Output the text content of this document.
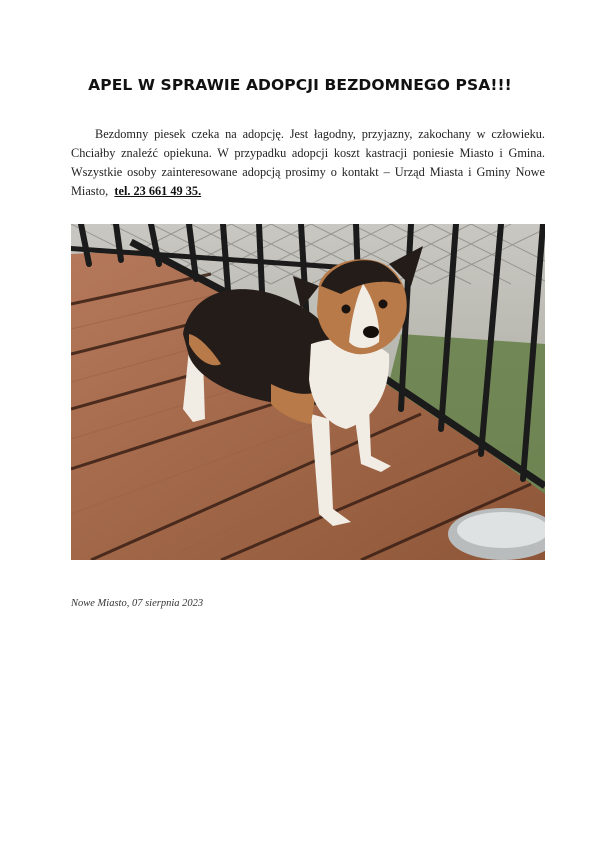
APEL W SPRAWIE ADOPCJI BEZDOMNEGO PSA!!!

Bezdomny piesek czeka na adopcję. Jest łagodny, przyjazny, zakochany w człowieku. Chciałby znaleźć opiekuna. W przypadku adopcji koszt kastracji poniesie Miasto i Gmina. Wszystkie osoby zainteresowane adopcją prosimy o kontakt – Urząd Miasta i Gminy Nowe Miasto, tel. 23 661 49 35.

Nowe Miasto, 07 sierpnia 2023
